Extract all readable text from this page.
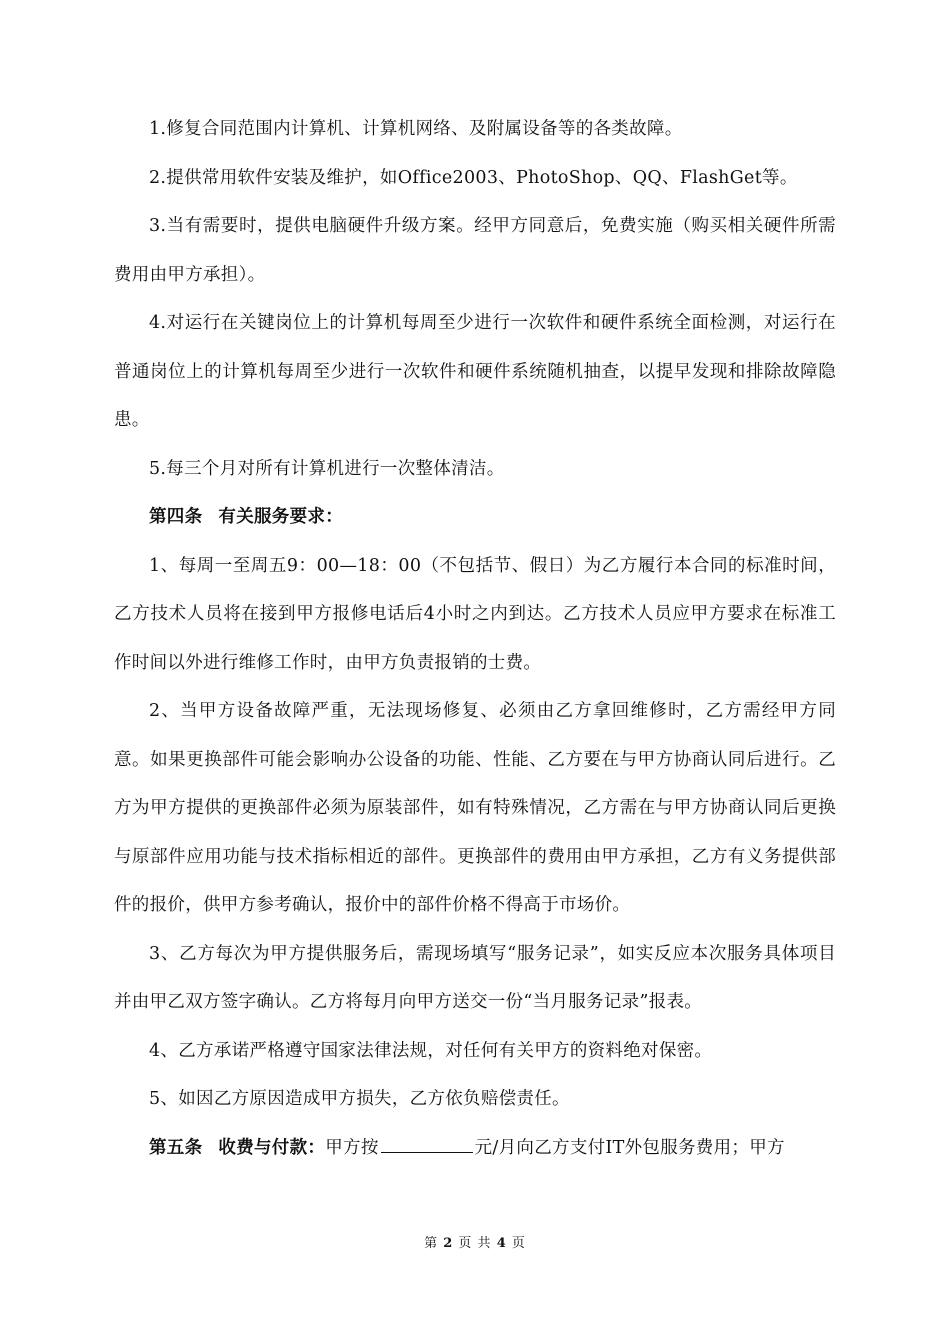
1.修复合同范围内计算机、计算机网络、及附属设备等的各类故障。

2.提供常用软件安装及维护，如Office2003、PhotoShop、QQ、FlashGet等。

3.当有需要时，提供电脑硬件升级方案。经甲方同意后，免费实施（购买相关硬件所需费用由甲方承担）。

4.对运行在关键岗位上的计算机每周至少进行一次软件和硬件系统全面检测，对运行在普通岗位上的计算机每周至少进行一次软件和硬件系统随机抽查，以提早发现和排除故障隐患。

5.每三个月对所有计算机进行一次整体清洁。

第四条 有关服务要求：

1、每周一至周五9：00—18：00（不包括节、假日）为乙方履行本合同的标准时间，乙方技术人员将在接到甲方报修电话后4小时之内到达。乙方技术人员应甲方要求在标准工作时间以外进行维修工作时，由甲方负责报销的士费。

2、当甲方设备故障严重，无法现场修复、必须由乙方拿回维修时，乙方需经甲方同意。如果更换部件可能会影响办公设备的功能、性能、乙方要在与甲方协商认同后进行。乙方为甲方提供的更换部件必须为原装部件，如有特殊情况，乙方需在与甲方协商认同后更换与原部件应用功能与技术指标相近的部件。更换部件的费用由甲方承担，乙方有义务提供部件的报价，供甲方参考确认，报价中的部件价格不得高于市场价。

3、乙方每次为甲方提供服务后，需现场填写“服务记录”，如实反应本次服务具体项目并由甲乙双方签字确认。乙方将每月向甲方送交一份“当月服务记录”报表。

4、乙方承诺严格遵守国家法律法规，对任何有关甲方的资料绝对保密。

5、如因乙方原因造成甲方损失，乙方依负赔偿责任。

第五条 收费与付款：甲方按	元/月向乙方支付IT外包服务费用；甲方

第 2 页 共 4 页
